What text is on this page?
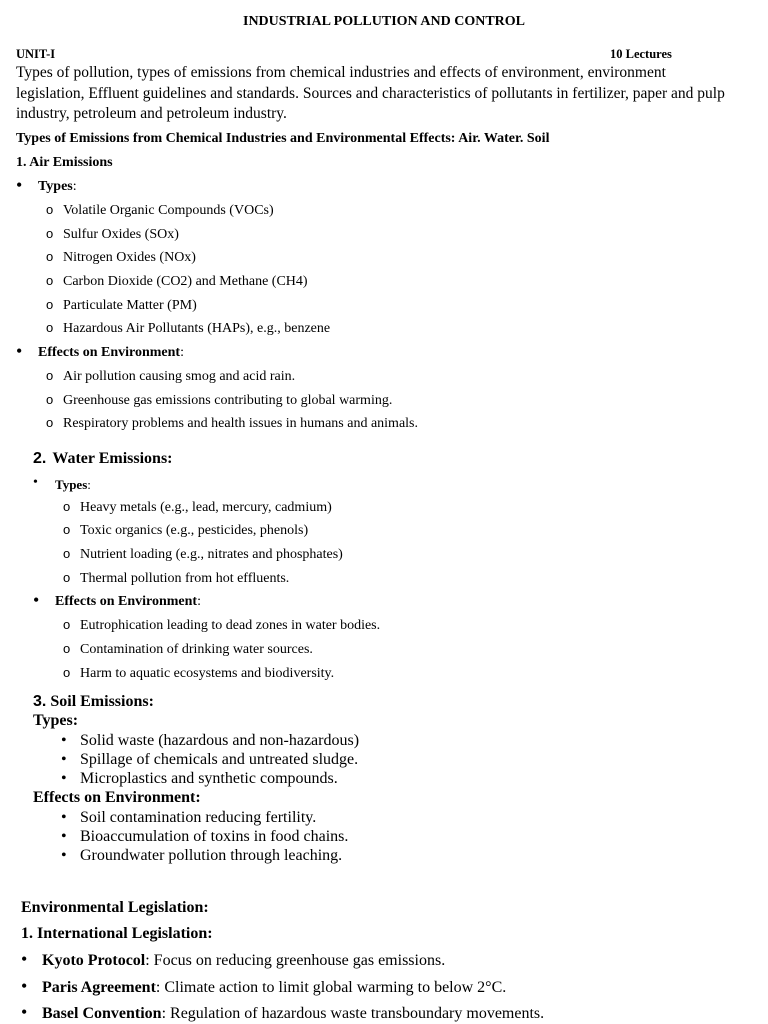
INDUSTRIAL POLLUTION AND CONTROL
UNIT-I	10 Lectures
Types of pollution, types of emissions from chemical industries and effects of environment, environment legislation, Effluent guidelines and standards. Sources and characteristics of pollutants in fertilizer, paper and pulp industry, petroleum and petroleum industry.
Types of Emissions from Chemical Industries and Environmental Effects: Air. Water. Soil
1. Air Emissions
• Types:
o Volatile Organic Compounds (VOCs)
o Sulfur Oxides (SOx)
o Nitrogen Oxides (NOx)
o Carbon Dioxide (CO2) and Methane (CH4)
o Particulate Matter (PM)
o Hazardous Air Pollutants (HAPs), e.g., benzene
• Effects on Environment:
o Air pollution causing smog and acid rain.
o Greenhouse gas emissions contributing to global warming.
o Respiratory problems and health issues in humans and animals.
2. Water Emissions:
• Types:
o Heavy metals (e.g., lead, mercury, cadmium)
o Toxic organics (e.g., pesticides, phenols)
o Nutrient loading (e.g., nitrates and phosphates)
o Thermal pollution from hot effluents.
• Effects on Environment:
o Eutrophication leading to dead zones in water bodies.
o Contamination of drinking water sources.
o Harm to aquatic ecosystems and biodiversity.
3. Soil Emissions:
Types:
• Solid waste (hazardous and non-hazardous)
• Spillage of chemicals and untreated sludge.
• Microplastics and synthetic compounds.
Effects on Environment:
• Soil contamination reducing fertility.
• Bioaccumulation of toxins in food chains.
• Groundwater pollution through leaching.
Environmental Legislation:
1. International Legislation:
• Kyoto Protocol: Focus on reducing greenhouse gas emissions.
• Paris Agreement: Climate action to limit global warming to below 2°C.
• Basel Convention: Regulation of hazardous waste transboundary movements.
